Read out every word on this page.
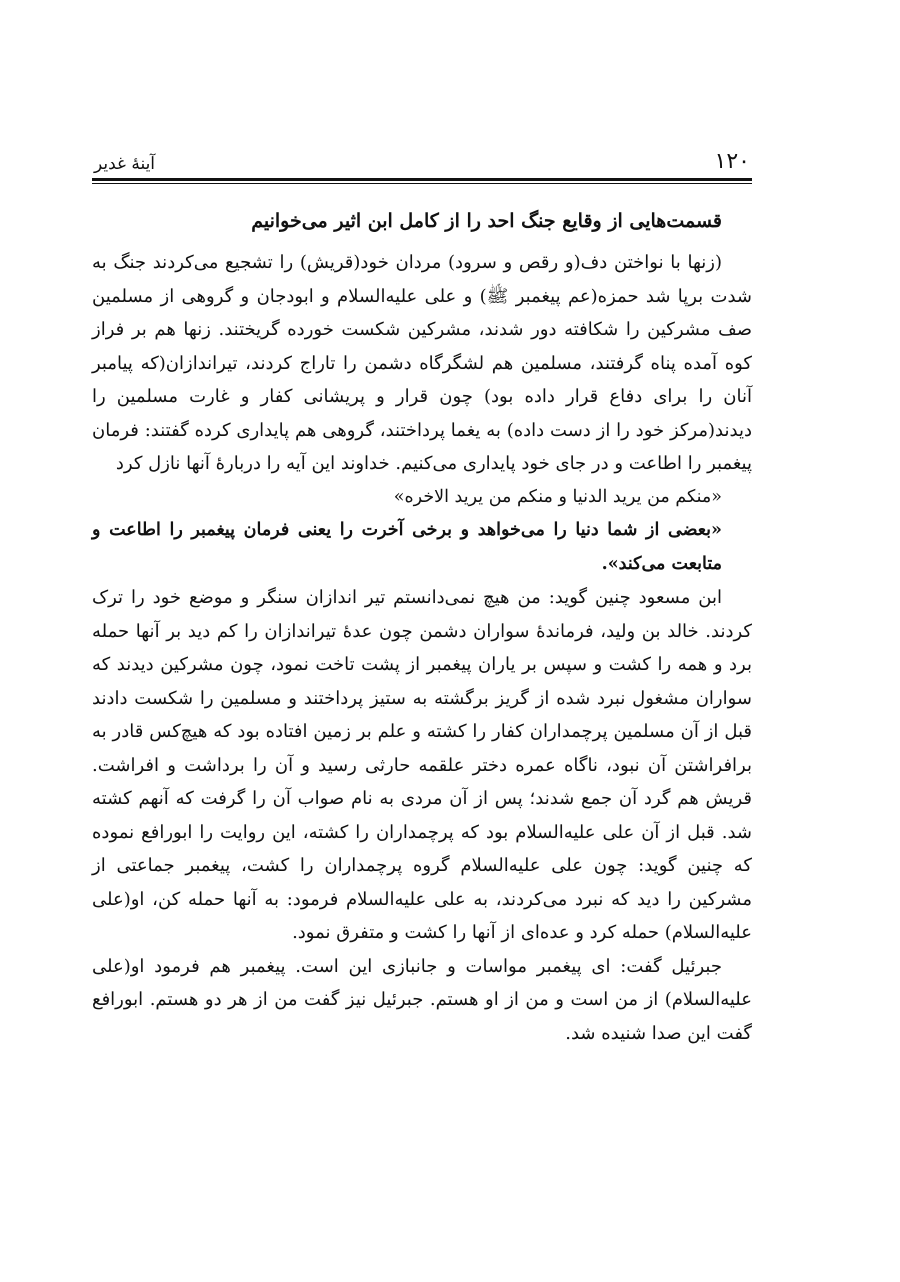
۱۲۰
آینهٔ غدیر
قسمت‌هایی از وقایع جنگ احد را از کامل ابن اثیر می‌خوانیم

(زنها با نواختن دف(و رقص و سرود) مردان خود(قریش) را تشجیع می‌کردند جنگ به شدت برپا شد حمزه(عم پیغمبر ﷺ) و علی علیه‌السلام و ابودجان و گروهی از مسلمین صف مشرکین را شکافته دور شدند، مشرکین شکست خورده گریختند. زنها هم بر فراز کوه آمده پناه گرفتند، مسلمین هم لشگرگاه دشمن را تاراج کردند، تیراندازان(که پیامبر آنان را برای دفاع قرار داده بود) چون قرار و پریشانی کفار و غارت مسلمین را دیدند(مرکز خود را از دست داده) به یغما پرداختند، گروهی هم پایداری کرده گفتند: فرمان پیغمبر را اطاعت و در جای خود پایداری می‌کنیم. خداوند این آیه را دربارهٔ آنها نازل کرد

«منکم من یرید الدنیا و منکم من یرید الاخره»

«بعضی از شما دنیا را می‌خواهد و برخی آخرت را یعنی فرمان پیغمبر را اطاعت و متابعت می‌کند».

ابن مسعود چنین گوید: من هیچ نمی‌دانستم تیر اندازان سنگر و موضع خود را ترک کردند. خالد بن ولید، فرماندهٔ سواران دشمن چون عدهٔ تیراندازان را کم دید بر آنها حمله برد و همه را کشت و سپس بر یاران پیغمبر از پشت تاخت نمود، چون مشرکین دیدند که سواران مشغول نبرد شده از گریز برگشته به ستیز پرداختند و مسلمین را شکست دادند قبل از آن مسلمین پرچمداران کفار را کشته و علم بر زمین افتاده بود که هیچ‌کس قادر به برافراشتن آن نبود، ناگاه عمره دختر علقمه حارثی رسید و آن را برداشت و افراشت. قریش هم گرد آن جمع شدند؛ پس از آن مردی به نام صواب آن را گرفت که آنهم کشته شد. قبل از آن علی علیه‌السلام بود که پرچمداران را کشته، این روایت را ابورافع نموده که چنین گوید: چون علی علیه‌السلام گروه پرچمداران را کشت، پیغمبر جماعتی از مشرکین را دید که نبرد می‌کردند، به علی علیه‌السلام فرمود: به آنها حمله کن، او(علی علیه‌السلام) حمله کرد و عده‌ای از آنها را کشت و متفرق نمود.

جبرئیل گفت: ای پیغمبر مواسات و جانبازی این است. پیغمبر هم فرمود او(علی علیه‌السلام) از من است و من از او هستم. جبرئیل نیز گفت من از هر دو هستم. ابورافع گفت این صدا شنیده شد.
